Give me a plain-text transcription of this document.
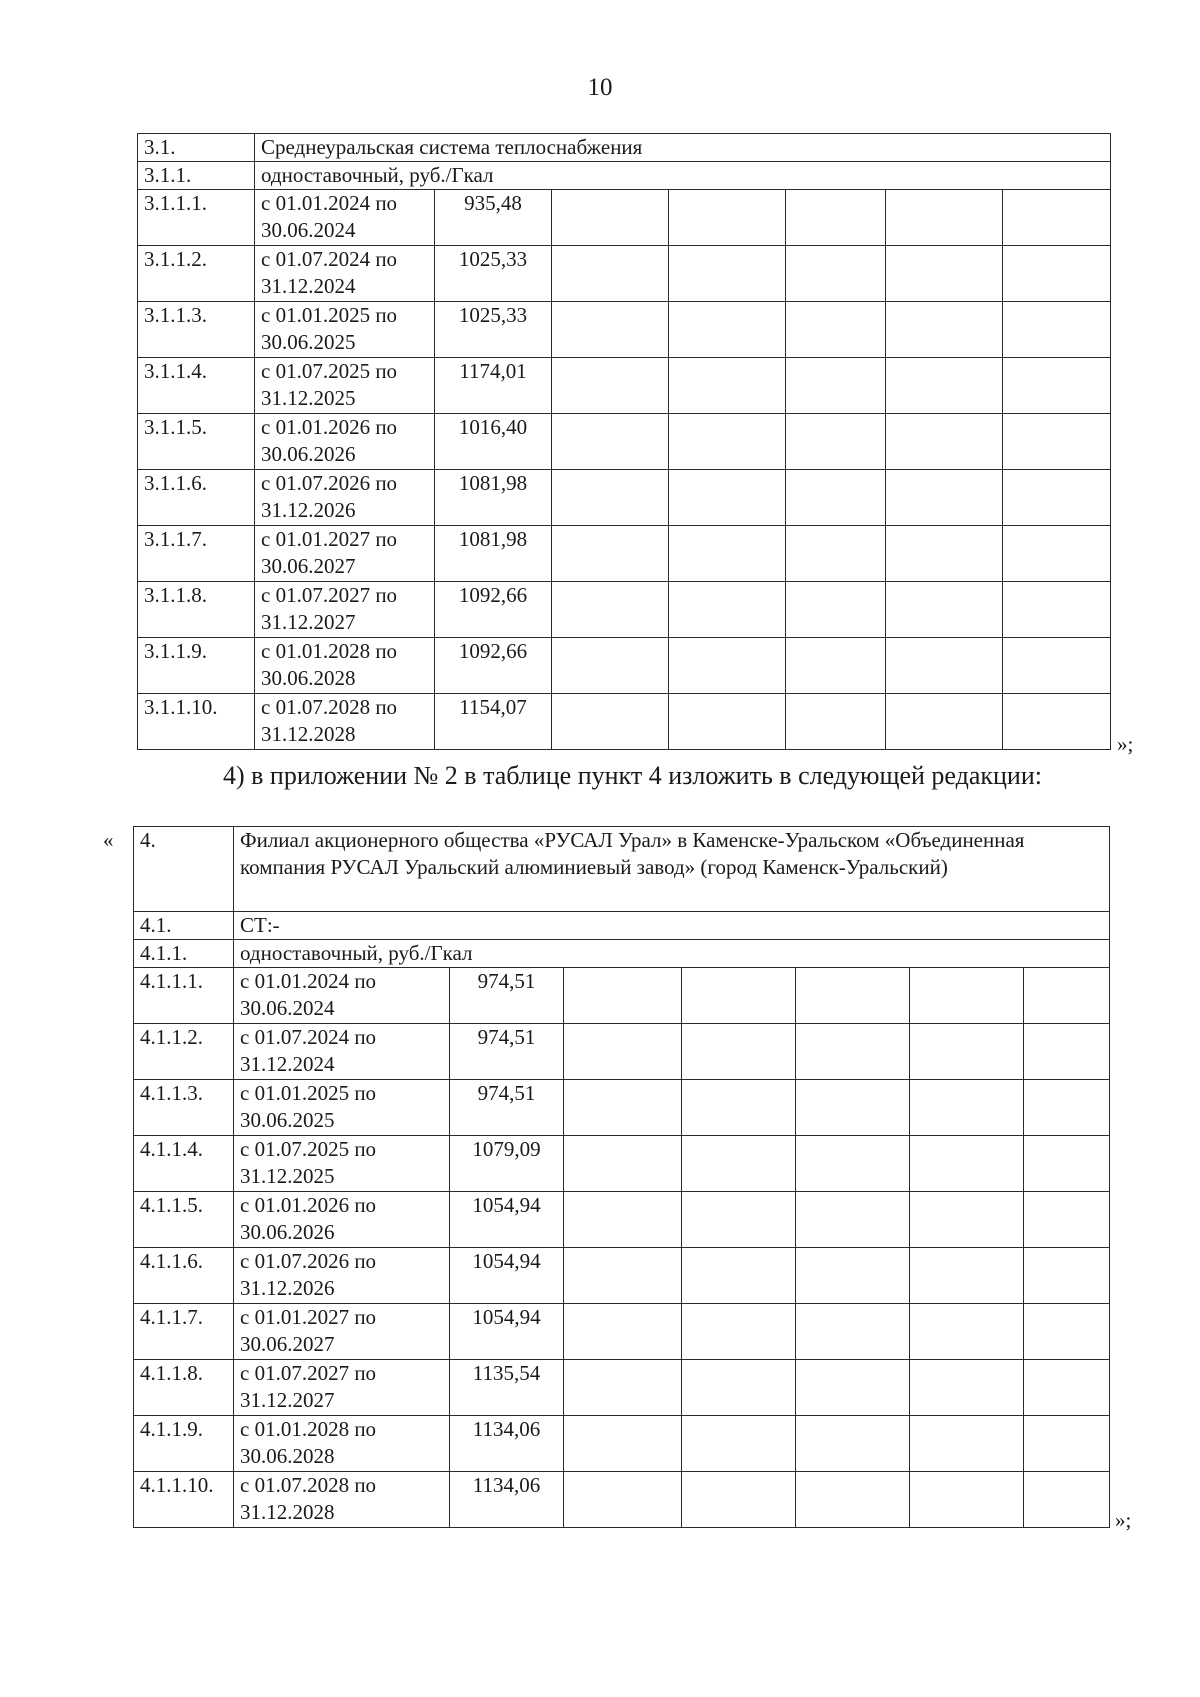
10
3.1.	Среднеуральская система теплоснабжения						
3.1.1.	одноставочный, руб./Гкал						
3.1.1.1.	с 01.01.2024 по 30.06.2024	935,48					
3.1.1.2.	с 01.07.2024 по 31.12.2024	1025,33					
3.1.1.3.	с 01.01.2025 по 30.06.2025	1025,33					
3.1.1.4.	с 01.07.2025 по 31.12.2025	1174,01					
3.1.1.5.	с 01.01.2026 по 30.06.2026	1016,40					
3.1.1.6.	с 01.07.2026 по 31.12.2026	1081,98					
3.1.1.7.	с 01.01.2027 по 30.06.2027	1081,98					
3.1.1.8.	с 01.07.2027 по 31.12.2027	1092,66					
3.1.1.9.	с 01.01.2028 по 30.06.2028	1092,66					
3.1.1.10.	с 01.07.2028 по 31.12.2028	1154,07					
»;
4) в приложении № 2 в таблице пункт 4 изложить в следующей редакции:
« 4.	Филиал акционерного общества «РУСАЛ Урал» в Каменске-Уральском «Объединенная компания РУСАЛ Уральский алюминиевый завод» (город Каменск-Уральский)						
4.1.	СТ:-						
4.1.1.	одноставочный, руб./Гкал						
4.1.1.1.	с 01.01.2024 по 30.06.2024	974,51					
4.1.1.2.	с 01.07.2024 по 31.12.2024	974,51					
4.1.1.3.	с 01.01.2025 по 30.06.2025	974,51					
4.1.1.4.	с 01.07.2025 по 31.12.2025	1079,09					
4.1.1.5.	с 01.01.2026 по 30.06.2026	1054,94					
4.1.1.6.	с 01.07.2026 по 31.12.2026	1054,94					
4.1.1.7.	с 01.01.2027 по 30.06.2027	1054,94					
4.1.1.8.	с 01.07.2027 по 31.12.2027	1135,54					
4.1.1.9.	с 01.01.2028 по 30.06.2028	1134,06					
4.1.1.10.	с 01.07.2028 по 31.12.2028	1134,06					
»;
